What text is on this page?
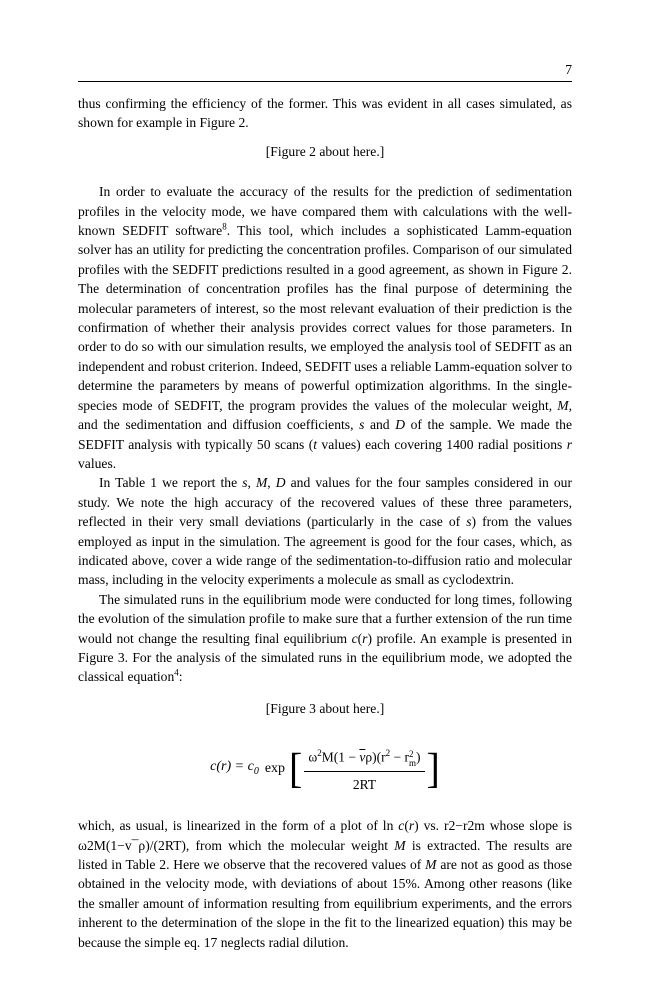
7

thus confirming the efficiency of the former. This was evident in all cases simulated, as shown for example in Figure 2.

[Figure 2 about here.]

In order to evaluate the accuracy of the results for the prediction of sedimentation profiles in the velocity mode, we have compared them with calculations with the well-known SEDFIT software$^8$. This tool, which includes a sophisticated Lamm-equation solver has an utility for predicting the concentration profiles. Comparison of our simulated profiles with the SEDFIT predictions resulted in a good agreement, as shown in Figure 2. The determination of concentration profiles has the final purpose of determining the molecular parameters of interest, so the most relevant evaluation of their prediction is the confirmation of whether their analysis provides correct values for those parameters. In order to do so with our simulation results, we employed the analysis tool of SEDFIT as an independent and robust criterion. Indeed, SEDFIT uses a reliable Lamm-equation solver to determine the parameters by means of powerful optimization algorithms. In the single-species mode of SEDFIT, the program provides the values of the molecular weight, M, and the sedimentation and diffusion coefficients, s and D of the sample. We made the SEDFIT analysis with typically 50 scans (t values) each covering 1400 radial positions r values.

In Table 1 we report the s, M, D and values for the four samples considered in our study. We note the high accuracy of the recovered values of these three parameters, reflected in their very small deviations (particularly in the case of s) from the values employed as input in the simulation. The agreement is good for the four cases, which, as indicated above, cover a wide range of the sedimentation-to-diffusion ratio and molecular mass, including in the velocity experiments a molecule as small as cyclodextrin.

The simulated runs in the equilibrium mode were conducted for long times, following the evolution of the simulation profile to make sure that a further extension of the run time would not change the resulting final equilibrium c(r) profile. An example is presented in Figure 3. For the analysis of the simulated runs in the equilibrium mode, we adopted the classical equation$^4$:

[Figure 3 about here.]

$c(r) = c_0$ exp [ $\omega^2M(1 - \overline{v}\rho)(r^2 - r$ 2
m )
2RT ]

which, as usual, is linearized in the form of a plot of ln c(r) vs. r2−r2m whose slope is ω2M(1−v¯ρ)/(2RT), from which the molecular weight M is extracted. The results are listed in Table 2. Here we observe that the recovered values of M are not as good as those obtained in the velocity mode, with deviations of about 15%. Among other reasons (like the smaller amount of information resulting from equilibrium experiments, and the errors inherent to the determination of the slope in the fit to the linearized equation) this may be because the simple eq. 17 neglects radial dilution.
